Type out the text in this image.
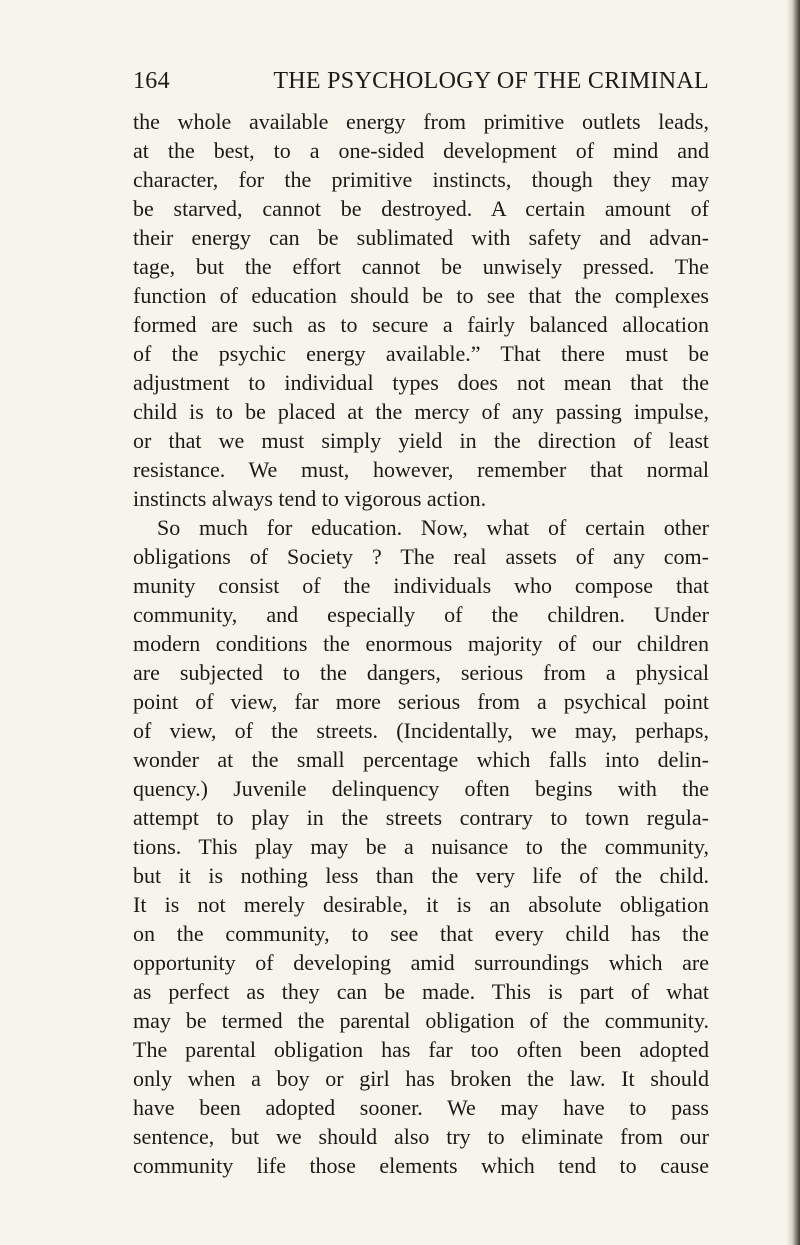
164	THE PSYCHOLOGY OF THE CRIMINAL
the whole available energy from primitive outlets leads,
at the best, to a one-sided development of mind and
character, for the primitive instincts, though they may
be starved, cannot be destroyed. A certain amount of
their energy can be sublimated with safety and advan-
tage, but the effort cannot be unwisely pressed. The
function of education should be to see that the complexes
formed are such as to secure a fairly balanced allocation
of the psychic energy available.” That there must be
adjustment to individual types does not mean that the
child is to be placed at the mercy of any passing impulse,
or that we must simply yield in the direction of least
resistance. We must, however, remember that normal
instincts always tend to vigorous action.
So much for education. Now, what of certain other
obligations of Society ? The real assets of any com-
munity consist of the individuals who compose that
community, and especially of the children. Under
modern conditions the enormous majority of our children
are subjected to the dangers, serious from a physical
point of view, far more serious from a psychical point
of view, of the streets. (Incidentally, we may, perhaps,
wonder at the small percentage which falls into delin-
quency.) Juvenile delinquency often begins with the
attempt to play in the streets contrary to town regula-
tions. This play may be a nuisance to the community,
but it is nothing less than the very life of the child.
It is not merely desirable, it is an absolute obligation
on the community, to see that every child has the
opportunity of developing amid surroundings which are
as perfect as they can be made. This is part of what
may be termed the parental obligation of the community.
The parental obligation has far too often been adopted
only when a boy or girl has broken the law. It should
have been adopted sooner. We may have to pass
sentence, but we should also try to eliminate from our
community life those elements which tend to cause
